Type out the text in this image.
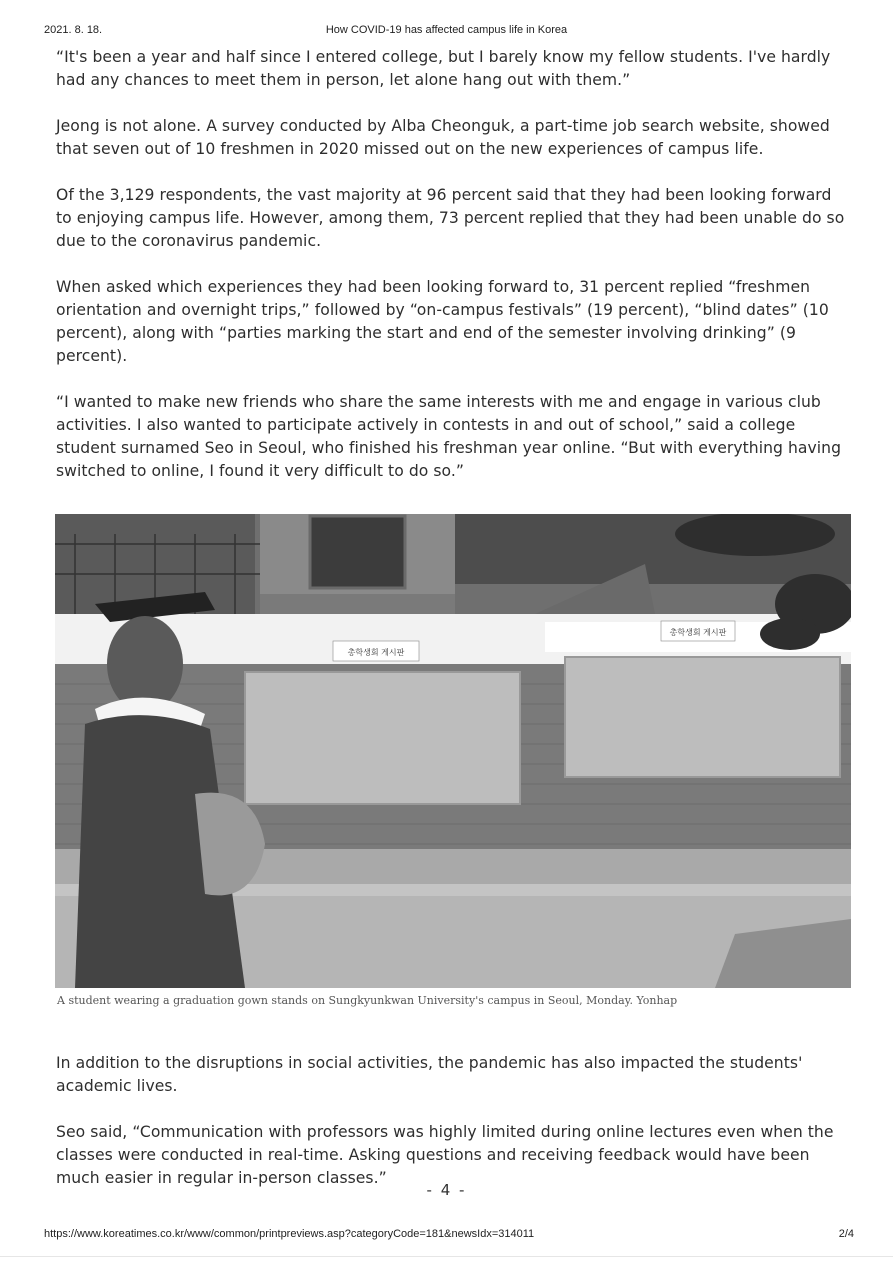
2021. 8. 18.	How COVID-19 has affected campus life in Korea

“It's been a year and half since I entered college, but I barely know my fellow students. I've hardly had any chances to meet them in person, let alone hang out with them.”

Jeong is not alone. A survey conducted by Alba Cheonguk, a part-time job search website, showed that seven out of 10 freshmen in 2020 missed out on the new experiences of campus life.

Of the 3,129 respondents, the vast majority at 96 percent said that they had been looking forward to enjoying campus life. However, among them, 73 percent replied that they had been unable do so due to the coronavirus pandemic.

When asked which experiences they had been looking forward to, 31 percent replied “freshmen orientation and overnight trips,” followed by “on-campus festivals” (19 percent), “blind dates” (10 percent), along with “parties marking the start and end of the semester involving drinking” (9 percent).

“I wanted to make new friends who share the same interests with me and engage in various club activities. I also wanted to participate actively in contests in and out of school,” said a college student surnamed Seo in Seoul, who finished his freshman year online. “But with everything having switched to online, I found it very difficult to do so.”

총학생회 게시판
총학생회 게시판
A student wearing a graduation gown stands on Sungkyunkwan University's campus in Seoul, Monday. Yonhap

In addition to the disruptions in social activities, the pandemic has also impacted the students' academic lives.

Seo said, “Communication with professors was highly limited during online lectures even when the classes were conducted in real-time. Asking questions and receiving feedback would have been much easier in regular in-person classes.”

- 4 -
https://www.koreatimes.co.kr/www/common/printpreviews.asp?categoryCode=181&newsIdx=314011	2/4
